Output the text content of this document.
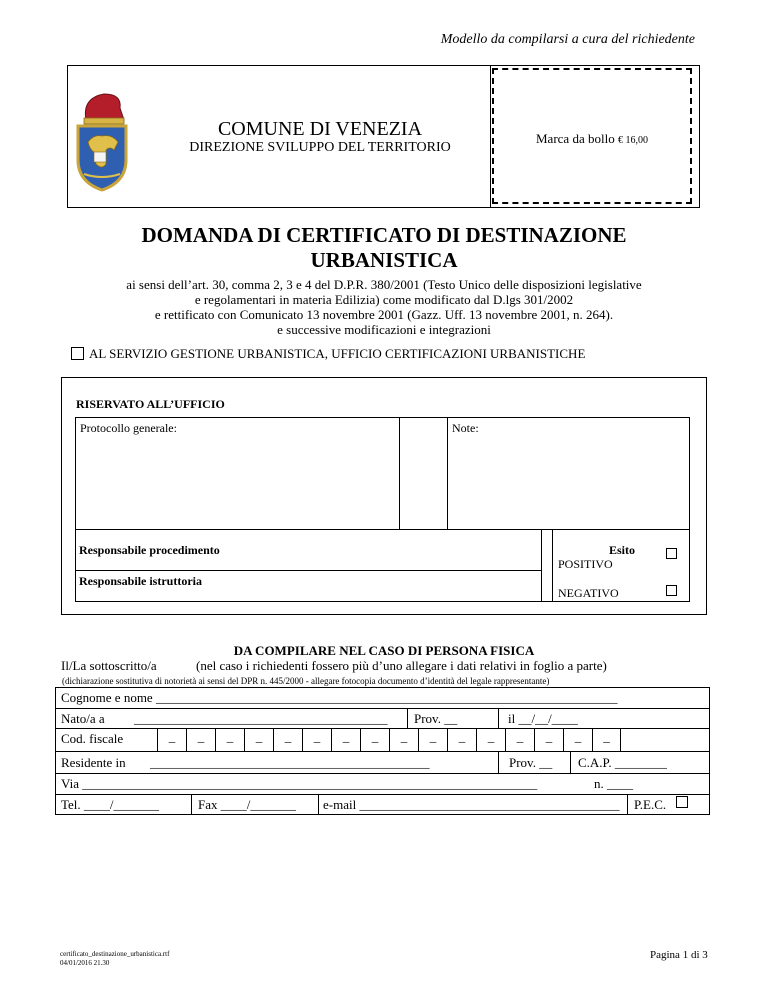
Modello da compilarsi a cura del richiedente
COMUNE DI VENEZIA
DIREZIONE SVILUPPO DEL TERRITORIO
Marca da bollo € 16,00
DOMANDA DI CERTIFICATO DI DESTINAZIONE
URBANISTICA
ai sensi dell’art. 30, comma 2, 3 e 4 del D.P.R. 380/2001 (Testo Unico delle disposizioni legislative
e regolamentari in materia Edilizia) come modificato dal D.lgs 301/2002
e rettificato con Comunicato 13 novembre 2001 (Gazz. Uff. 13 novembre 2001, n. 264).
e successive modificazioni e integrazioni
AL SERVIZIO GESTIONE URBANISTICA, UFFICIO CERTIFICAZIONI URBANISTICHE
RISERVATO ALL’UFFICIO
Protocollo generale:	Note:
Responsabile procedimento
Responsabile istruttoria
Esito
POSITIVO
NEGATIVO
DA COMPILARE NEL CASO DI PERSONA FISICA
Il/La sottoscritto/a	(nel caso i richiedenti fossero più d’uno allegare i dati relativi in foglio a parte)
(dichiarazione sostitutiva di notorietà ai sensi del DPR n. 445/2000 - allegare fotocopia documento d’identità del legale rappresentante)
Cognome e nome _______________________________________________________________________
Nato/a a _______________________________________ Prov. __	il __/__/____
Cod. fiscale	_	_	_	_	_	_	_	_	_	_	_	_	_	_	_	_
Residente in ___________________________________________	Prov. __ C.A.P. ________
Via ______________________________________________________________________	n. ____
Tel. ____/_______	Fax ____/_______ e-mail ________________________________________ P.E.C.
certificato_destinazione_urbanistica.rtf
04/01/2016 21.30
Pagina 1 di 3
